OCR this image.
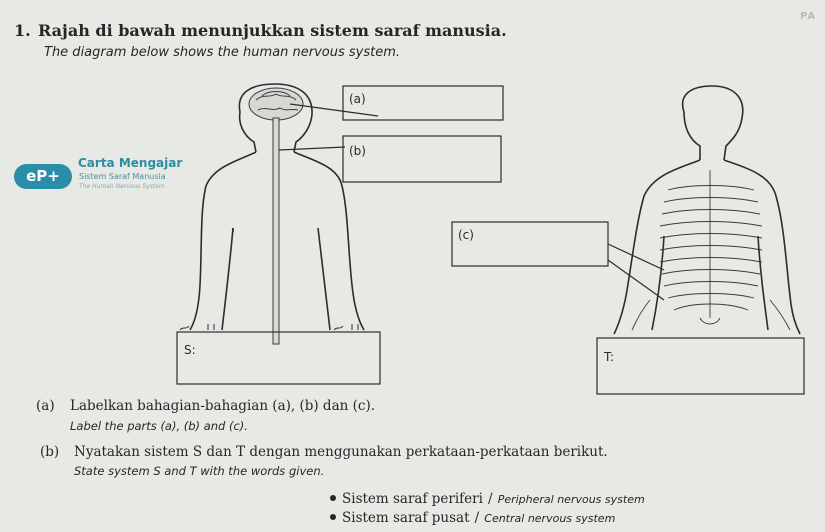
PA
1. Rajah di bawah menunjukkan sistem saraf manusia.
The diagram below shows the human nervous system.
eP+
Carta Mengajar
Sistem Saraf Manusia
The Human Nervous System
(a)
(b)
(c)
S:	T:
(a) Labelkan bahagian-bahagian (a), (b) dan (c).
Label the parts (a), (b) and (c).
(b) Nyatakan sistem S dan T dengan menggunakan perkataan-perkataan berikut.
State system S and T with the words given.
Sistem saraf periferi / Peripheral nervous system
Sistem saraf pusat / Central nervous system
